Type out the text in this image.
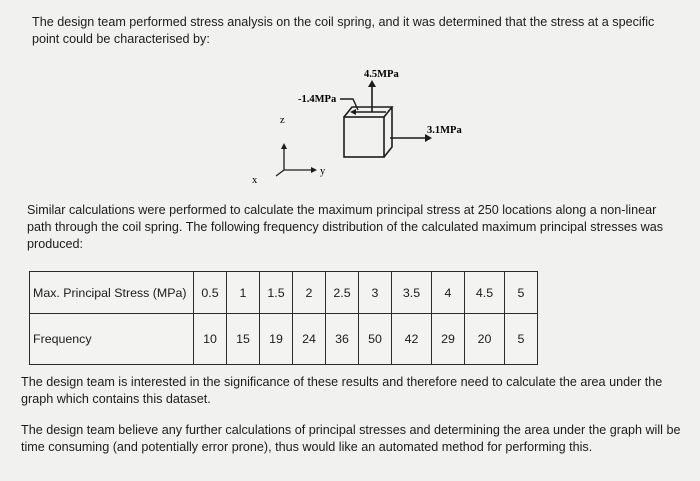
The design team performed stress analysis on the coil spring, and it was determined that the stress at a specific point could be characterised by:

4.5MPa
-1.4MPa
3.1MPa
z
y
x

Similar calculations were performed to calculate the maximum principal stress at 250 locations along a non-linear path through the coil spring. The following frequency distribution of the calculated maximum principal stresses was produced:

Max. Principal Stress (MPa)	0.5	1	1.5	2	2.5	3	3.5	4	4.5	5
Frequency	10	15	19	24	36	50	42	29	20	5

The design team is interested in the significance of these results and therefore need to calculate the area under the graph which contains this dataset.

The design team believe any further calculations of principal stresses and determining the area under the graph will be time consuming (and potentially error prone), thus would like an automated method for performing this.
